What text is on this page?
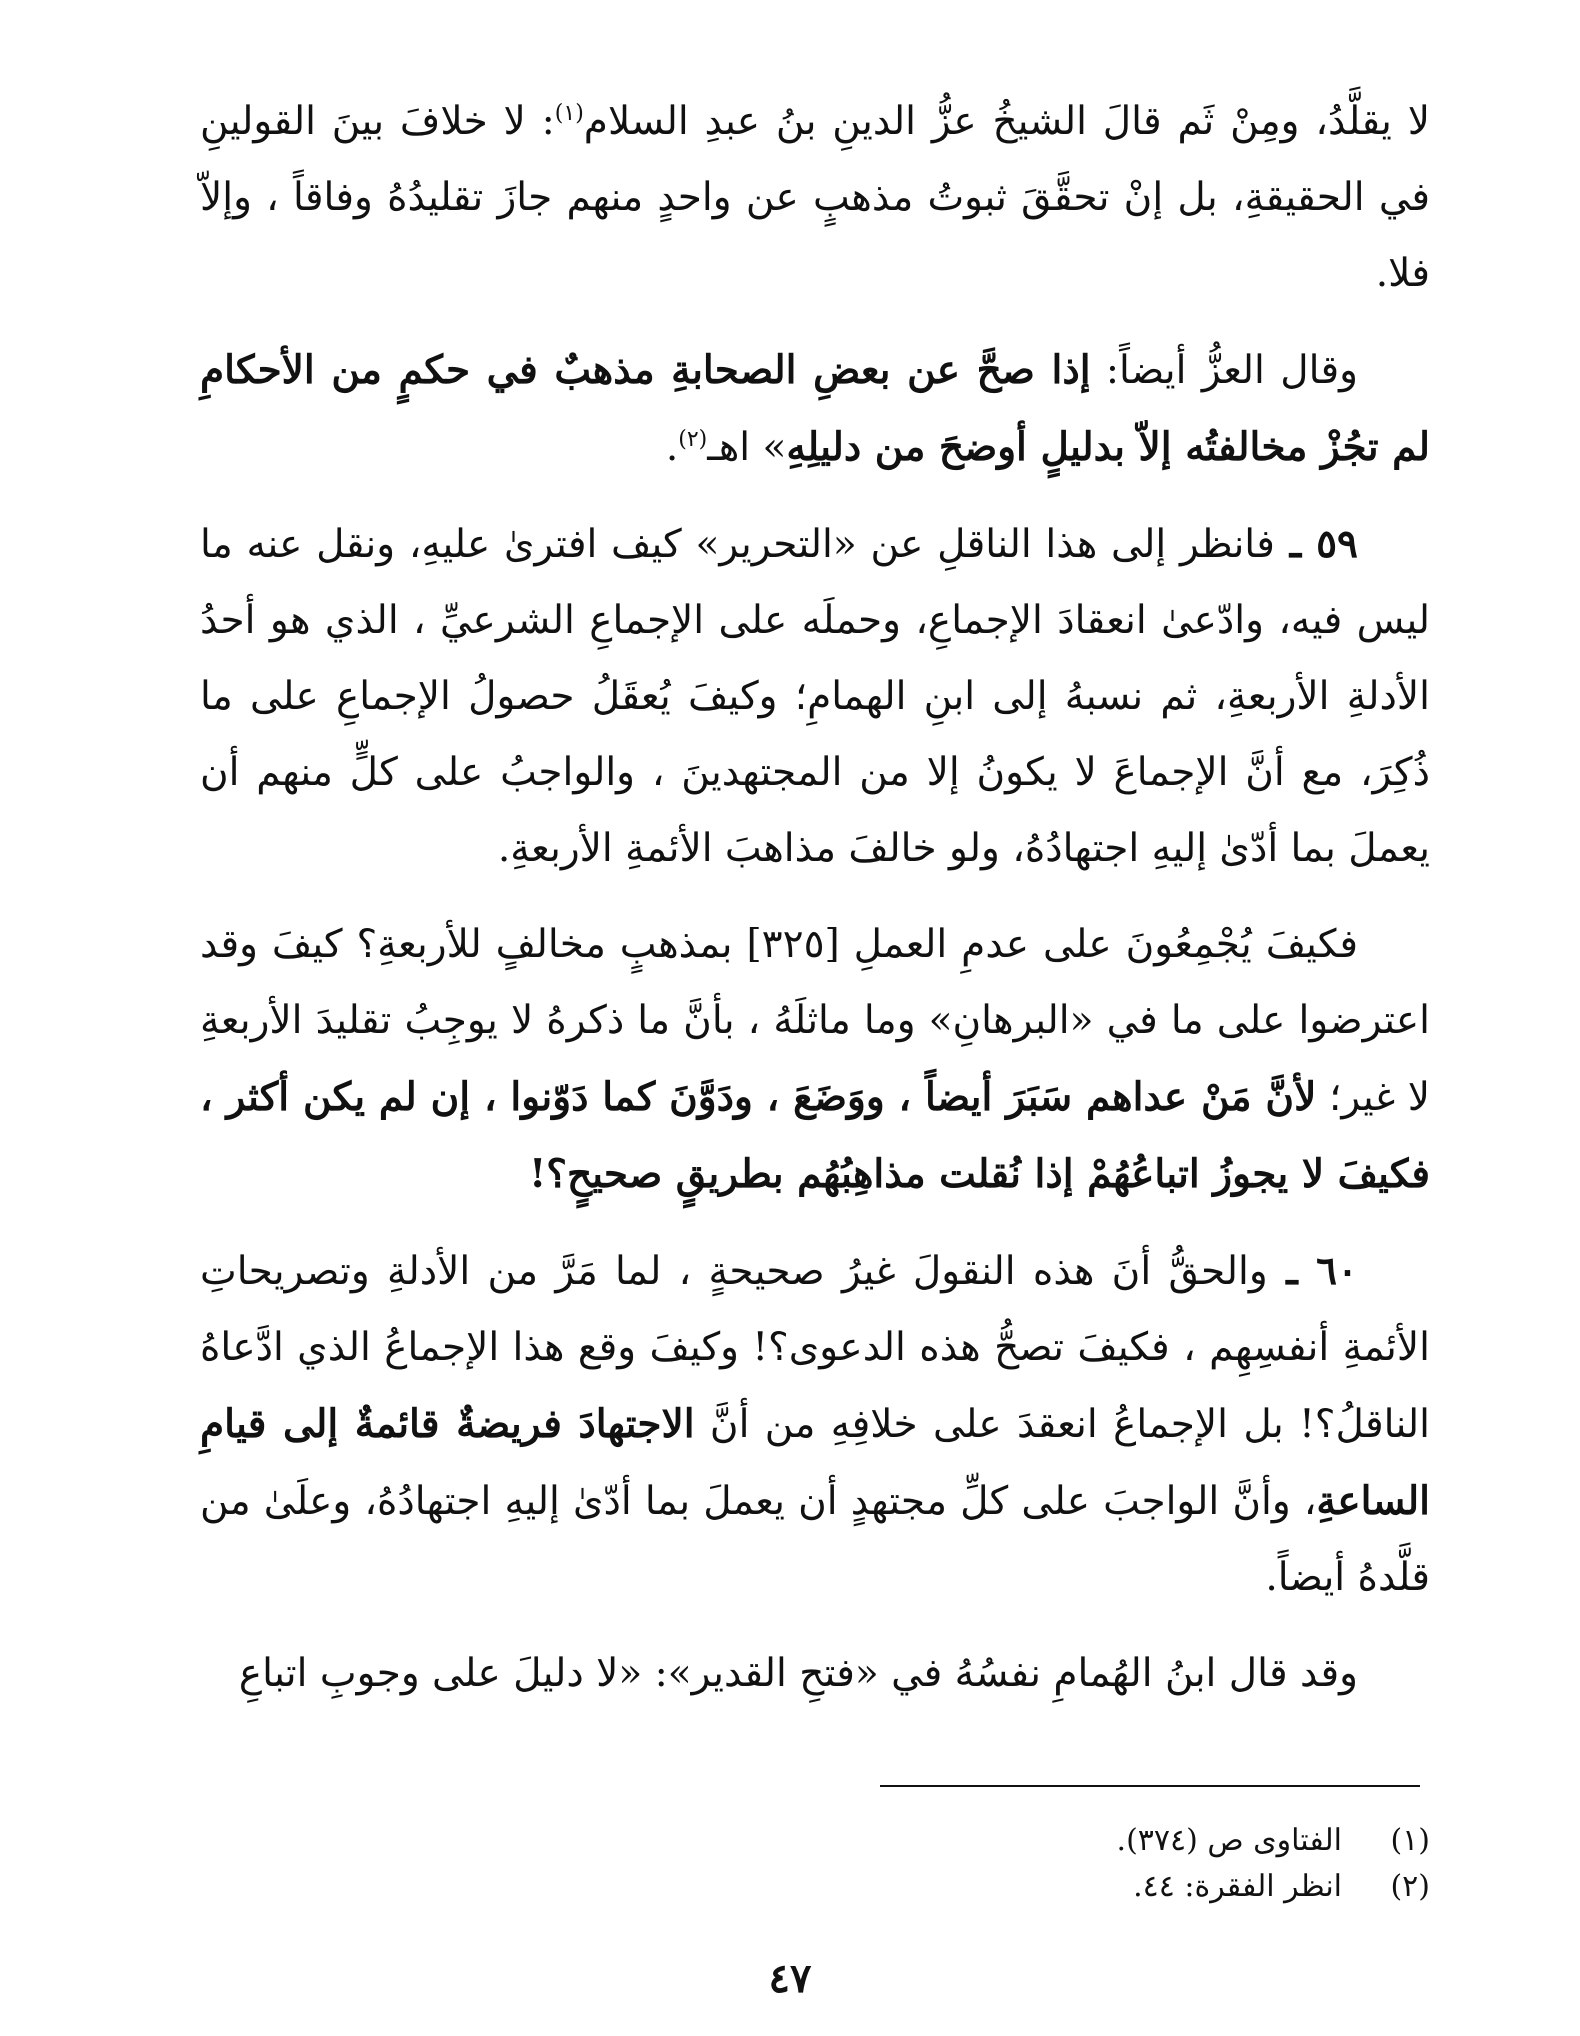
لا يقلَّدُ، ومِنْ ثَم قالَ الشيخُ عزُّ الدينِ بنُ عبدِ السلام$^{(١)}$: لا خلافَ بينَ القولينِ في الحقيقةِ، بل إنْ تحقَّقَ ثبوتُ مذهبٍ عن واحدٍ منهم جازَ تقليدُهُ وفاقاً ، وإلاّ فلا.

وقال العزُّ أيضاً: إذا صحَّ عن بعضِ الصحابةِ مذهبٌ في حكمٍ من الأحكامِ لم تجُزْ مخالفتُه إلاّ بدليلٍ أوضحَ من دليلِهِ» اهـ$^{(٢)}$.

٥٩ ـ فانظر إلى هذا الناقلِ عن «التحرير» كيف افترىٰ عليهِ، ونقل عنه ما ليس فيه، وادّعىٰ انعقادَ الإجماعِ، وحملَه على الإجماعِ الشرعيِّ ، الذي هو أحدُ الأدلةِ الأربعةِ، ثم نسبهُ إلى ابنِ الهمامِ؛ وكيفَ يُعقَلُ حصولُ الإجماعِ على ما ذُكِرَ، مع أنَّ الإجماعَ لا يكونُ إلا من المجتهدينَ ، والواجبُ على كلٍّ منهم أن يعملَ بما أدّىٰ إليهِ اجتهادُهُ، ولو خالفَ مذاهبَ الأئمةِ الأربعةِ.

فكيفَ يُجْمِعُونَ على عدمِ العملِ [٣٢٥] بمذهبٍ مخالفٍ للأربعةِ؟ كيفَ وقد اعترضوا على ما في «البرهانِ» وما ماثلَهُ ، بأنَّ ما ذكرهُ لا يوجِبُ تقليدَ الأربعةِ لا غير؛ لأنَّ مَنْ عداهم سَبَرَ أيضاً ، ووَضَعَ ، ودَوَّنَ كما دَوّنوا ، إن لم يكن أكثر ، فكيفَ لا يجوزُ اتباعُهُمْ إذا نُقلت مذاهِبُهُم بطريقٍ صحيحٍ؟!

٦٠ ـ والحقُّ أنَ هذه النقولَ غيرُ صحيحةٍ ، لما مَرَّ من الأدلةِ وتصريحاتِ الأئمةِ أنفسِهِم ، فكيفَ تصحُّ هذه الدعوى؟! وكيفَ وقع هذا الإجماعُ الذي ادَّعاهُ الناقلُ؟! بل الإجماعُ انعقدَ على خلافِهِ من أنَّ الاجتهادَ فريضةٌ قائمةٌ إلى قيامِ الساعةِ، وأنَّ الواجبَ على كلِّ مجتهدٍ أن يعملَ بما أدّىٰ إليهِ اجتهادُهُ، وعلَىٰ من قلَّدهُ أيضاً.

وقد قال ابنُ الهُمامِ نفسُهُ في «فتحِ القدير»: «لا دليلَ على وجوبِ اتباعِ

(١)
الفتاوى ص (٣٧٤).
(٢)
انظر الفقرة: ٤٤.
٤٧
